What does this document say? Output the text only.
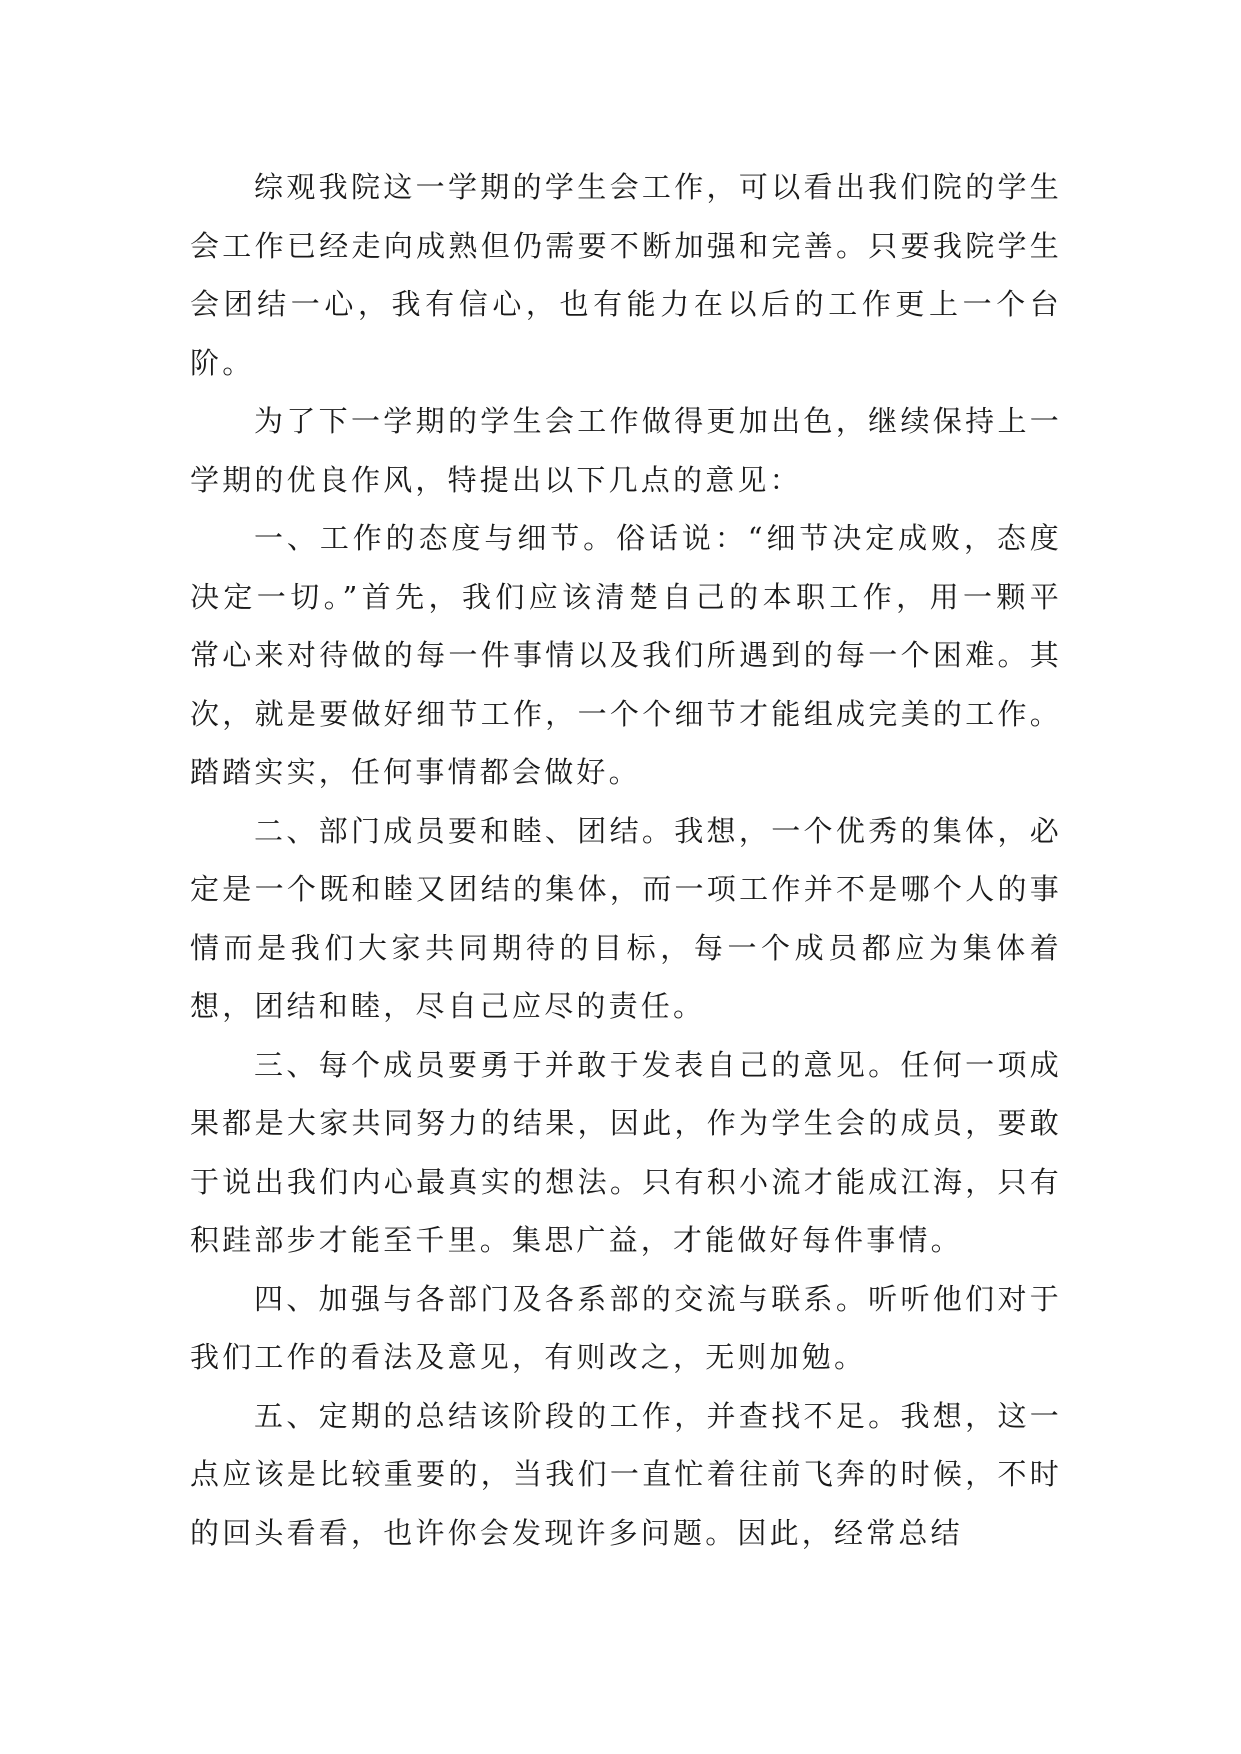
综观我院这一学期的学生会工作，可以看出我们院的学生会工作已经走向成熟但仍需要不断加强和完善。只要我院学生会团结一心，我有信心，也有能力在以后的工作更上一个台阶。

为了下一学期的学生会工作做得更加出色，继续保持上一学期的优良作风，特提出以下几点的意见：

一、工作的态度与细节。俗话说：“细节决定成败，态度决定一切。”首先，我们应该清楚自己的本职工作，用一颗平常心来对待做的每一件事情以及我们所遇到的每一个困难。其次，就是要做好细节工作，一个个细节才能组成完美的工作。踏踏实实，任何事情都会做好。

二、部门成员要和睦、团结。我想，一个优秀的集体，必定是一个既和睦又团结的集体，而一项工作并不是哪个人的事情而是我们大家共同期待的目标，每一个成员都应为集体着想，团结和睦，尽自己应尽的责任。

三、每个成员要勇于并敢于发表自己的意见。任何一项成果都是大家共同努力的结果，因此，作为学生会的成员，要敢于说出我们内心最真实的想法。只有积小流才能成江海，只有积跬部步才能至千里。集思广益，才能做好每件事情。

四、加强与各部门及各系部的交流与联系。听听他们对于我们工作的看法及意见，有则改之，无则加勉。

五、定期的总结该阶段的工作，并查找不足。我想，这一点应该是比较重要的，当我们一直忙着往前飞奔的时候，不时的回头看看，也许你会发现许多问题。因此，经常总结
